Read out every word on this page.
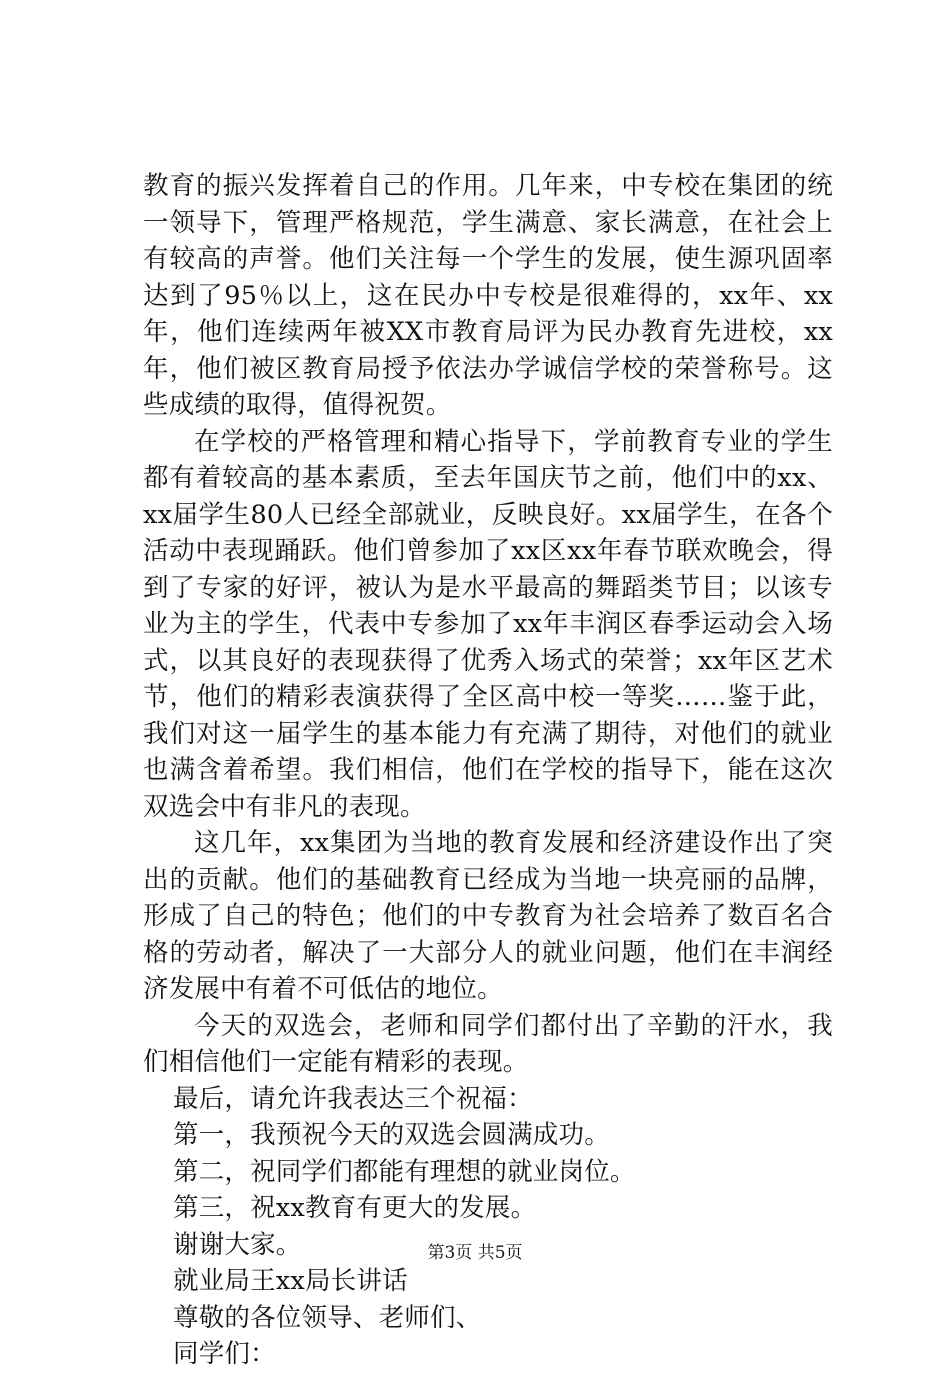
教育的振兴发挥着自己的作用。几年来，中专校在集团的统一领导下，管理严格规范，学生满意、家长满意，在社会上有较高的声誉。他们关注每一个学生的发展，使生源巩固率达到了95％以上，这在民办中专校是很难得的，xx年、xx年，他们连续两年被XX市教育局评为民办教育先进校，xx年，他们被区教育局授予依法办学诚信学校的荣誉称号。这些成绩的取得，值得祝贺。

在学校的严格管理和精心指导下，学前教育专业的学生都有着较高的基本素质，至去年国庆节之前，他们中的xx、xx届学生80人已经全部就业，反映良好。xx届学生，在各个活动中表现踊跃。他们曾参加了xx区xx年春节联欢晚会，得到了专家的好评，被认为是水平最高的舞蹈类节目；以该专业为主的学生，代表中专参加了xx年丰润区春季运动会入场式，以其良好的表现获得了优秀入场式的荣誉；xx年区艺术节，他们的精彩表演获得了全区高中校一等奖……鉴于此，我们对这一届学生的基本能力有充满了期待，对他们的就业也满含着希望。我们相信，他们在学校的指导下，能在这次双选会中有非凡的表现。

这几年，xx集团为当地的教育发展和经济建设作出了突出的贡献。他们的基础教育已经成为当地一块亮丽的品牌，形成了自己的特色；他们的中专教育为社会培养了数百名合格的劳动者，解决了一大部分人的就业问题，他们在丰润经济发展中有着不可低估的地位。

今天的双选会，老师和同学们都付出了辛勤的汗水，我们相信他们一定能有精彩的表现。

最后，请允许我表达三个祝福：

第一，我预祝今天的双选会圆满成功。

第二，祝同学们都能有理想的就业岗位。

第三，祝xx教育有更大的发展。

谢谢大家。

就业局王xx局长讲话

尊敬的各位领导、老师们、

同学们：

第3页 共5页
